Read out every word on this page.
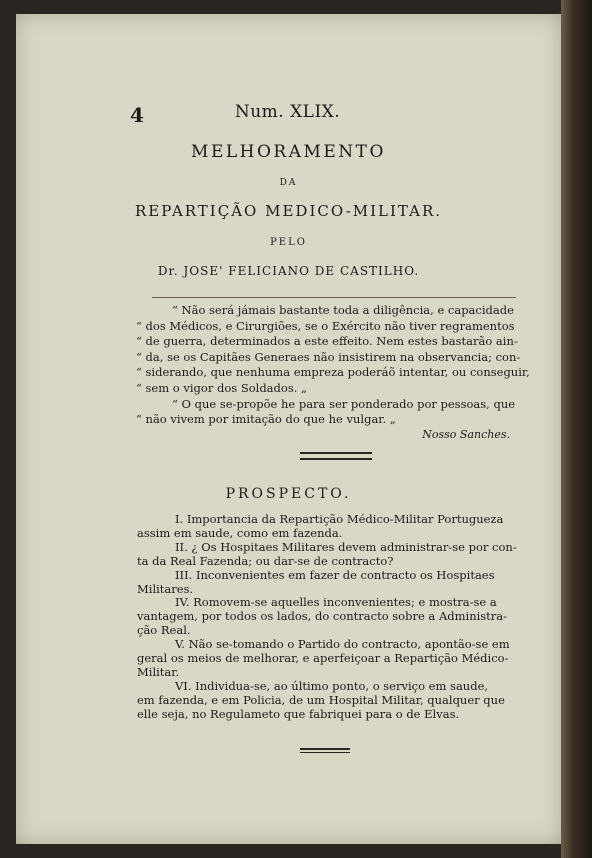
4	Num. XLIX.
MELHORAMENTO
DA
REPARTIÇÃO MEDICO-MILITAR.
PELO
Dr. JOSE' FELICIANO DE CASTILHO.
“ Não será jámais bastante toda a diligência, e capacidade
“ dos Médicos, e Cirurgiões, se o Exército não tiver regramentos
“ de guerra, determinados a este effeito. Nem estes bastarão ain-
“ da, se os Capitães Generaes não insistirem na observancia; con-
“ siderando, que nenhuma empreza poderáõ intentar, ou conseguir,
“ sem o vigor dos Soldados. „
“ O que se-propõe he para ser ponderado por pessoas, que
“ não vivem por imitação do que he vulgar. „
Nosso Sanches.
PROSPECTO.
I. Importancia da Repartição Médico-Militar Portugueza
assim em saude, como em fazenda.
II. ¿ Os Hospitaes Militares devem administrar-se por con-
ta da Real Fazenda; ou dar-se de contracto?
III. Inconvenientes em fazer de contracto os Hospitaes
Militares.
IV. Romovem-se aquelles inconvenientes; e mostra-se a
vantagem, por todos os lados, do contracto sobre a Administra-
ção Real.
V. Não se-tomando o Partido do contracto, apontão-se em
geral os meios de melhorar, e aperfeiçoar a Repartição Médico-
Militar.
VI. Individua-se, ao último ponto, o serviço em saude,
em fazenda, e em Policia, de um Hospital Militar, qualquer que
elle seja, no Regulameto que fabriquei para o de Elvas.
